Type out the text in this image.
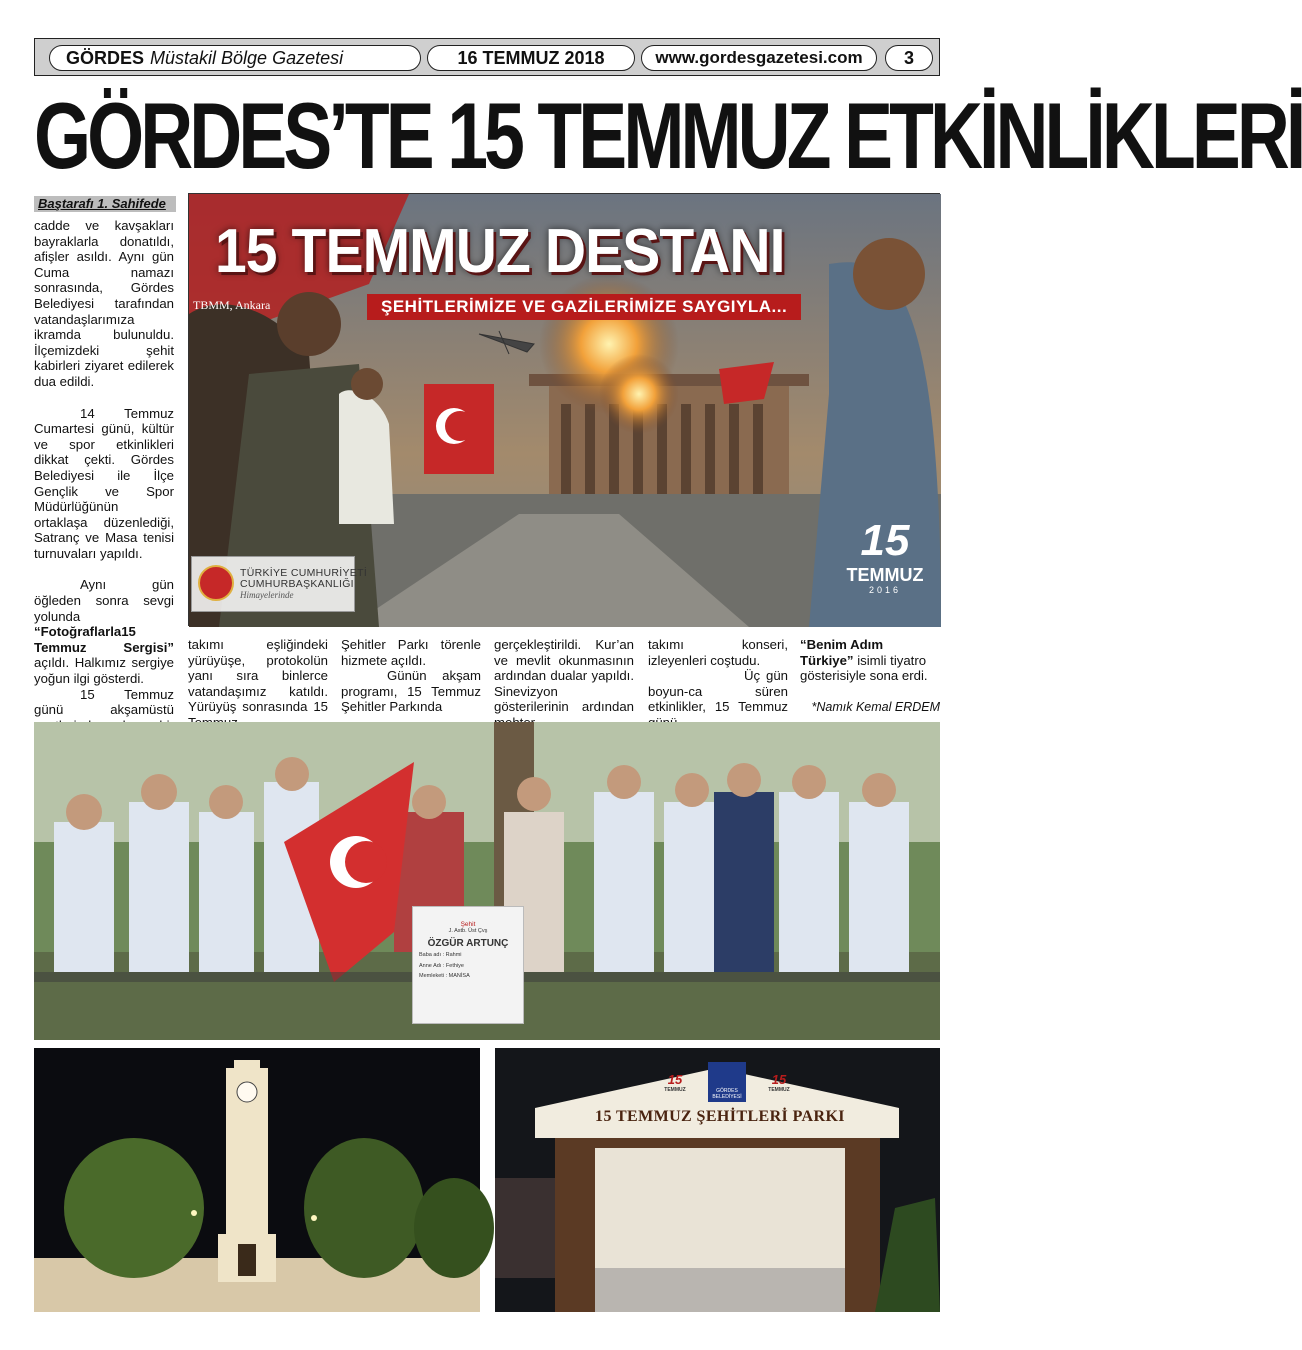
GÖRDES Müstakil Bölge Gazetesi	16 TEMMUZ 2018	www.gordesgazetesi.com	3
GÖRDES’TE 15 TEMMUZ ETKİNLİKLERİ
Baştarafı 1. Sahifede

cadde ve kavşakları bayraklarla donatıldı, afişler asıldı. Aynı gün Cuma namazı sonrasında, Gördes Belediyesi tarafından vatandaşlarımıza ikramda bulunuldu. İlçemizdeki şehit kabirleri ziyaret edilerek dua edildi.

14 Temmuz Cumartesi günü, kültür ve spor etkinlikleri dikkat çekti. Gördes Belediyesi ile İlçe Gençlik ve Spor Müdürlüğünün ortaklaşa düzenlediği, Satranç ve Masa tenisi turnuvaları yapıldı.

Aynı gün öğleden sonra sevgi yolunda “Fotoğraflarla15 Temmuz Sergisi” açıldı. Halkımız sergiye yoğun ilgi gösterdi.

15 Temmuz günü akşamüstü

15 TEMMUZ DESTANI
TBMM, Ankara	ŞEHİTLERİMİZE VE GAZİLERİMİZE SAYGIYLA...
TÜRKİYE CUMHURİYETİ
CUMHURBAŞKANLIĞI
Himayelerinde
15
TEMMUZ
2016

takımı eşliğindeki yürüyüşe, protokolün yanı sıra binlerce vatandaşımız katıldı. Yürüyüş sonrasında 15

Şehitler Parkı törenle hizmete açıldı.

Günün akşam programı, 15 Temmuz Şehitler Parkında

gerçekleştirildi. Kur’an ve mevlit okunmasının ardından dualar yapıldı. Sinevizyon gösterilerinin ardından

takımı konseri, izleyenleri coştudu.

Üç gün boyun-ca süren etkinlikler, 15 Temmuz

“Benim Adım Türkiye” isimli tiyatro gösterisiyle sona erdi.

*Namık Kemal ERDEM
Şehit
J. Astb. Üst Çvş
ÖZGÜR ARTUNÇ
Baba adı : Rahmi
Anne Adı : Fethiye
Memleketi : MANİSA
15
TEMMUZ	GÖRDES BELEDİYESİ
15
TEMMUZ
15 TEMMUZ ŞEHİTLERİ PARKI
